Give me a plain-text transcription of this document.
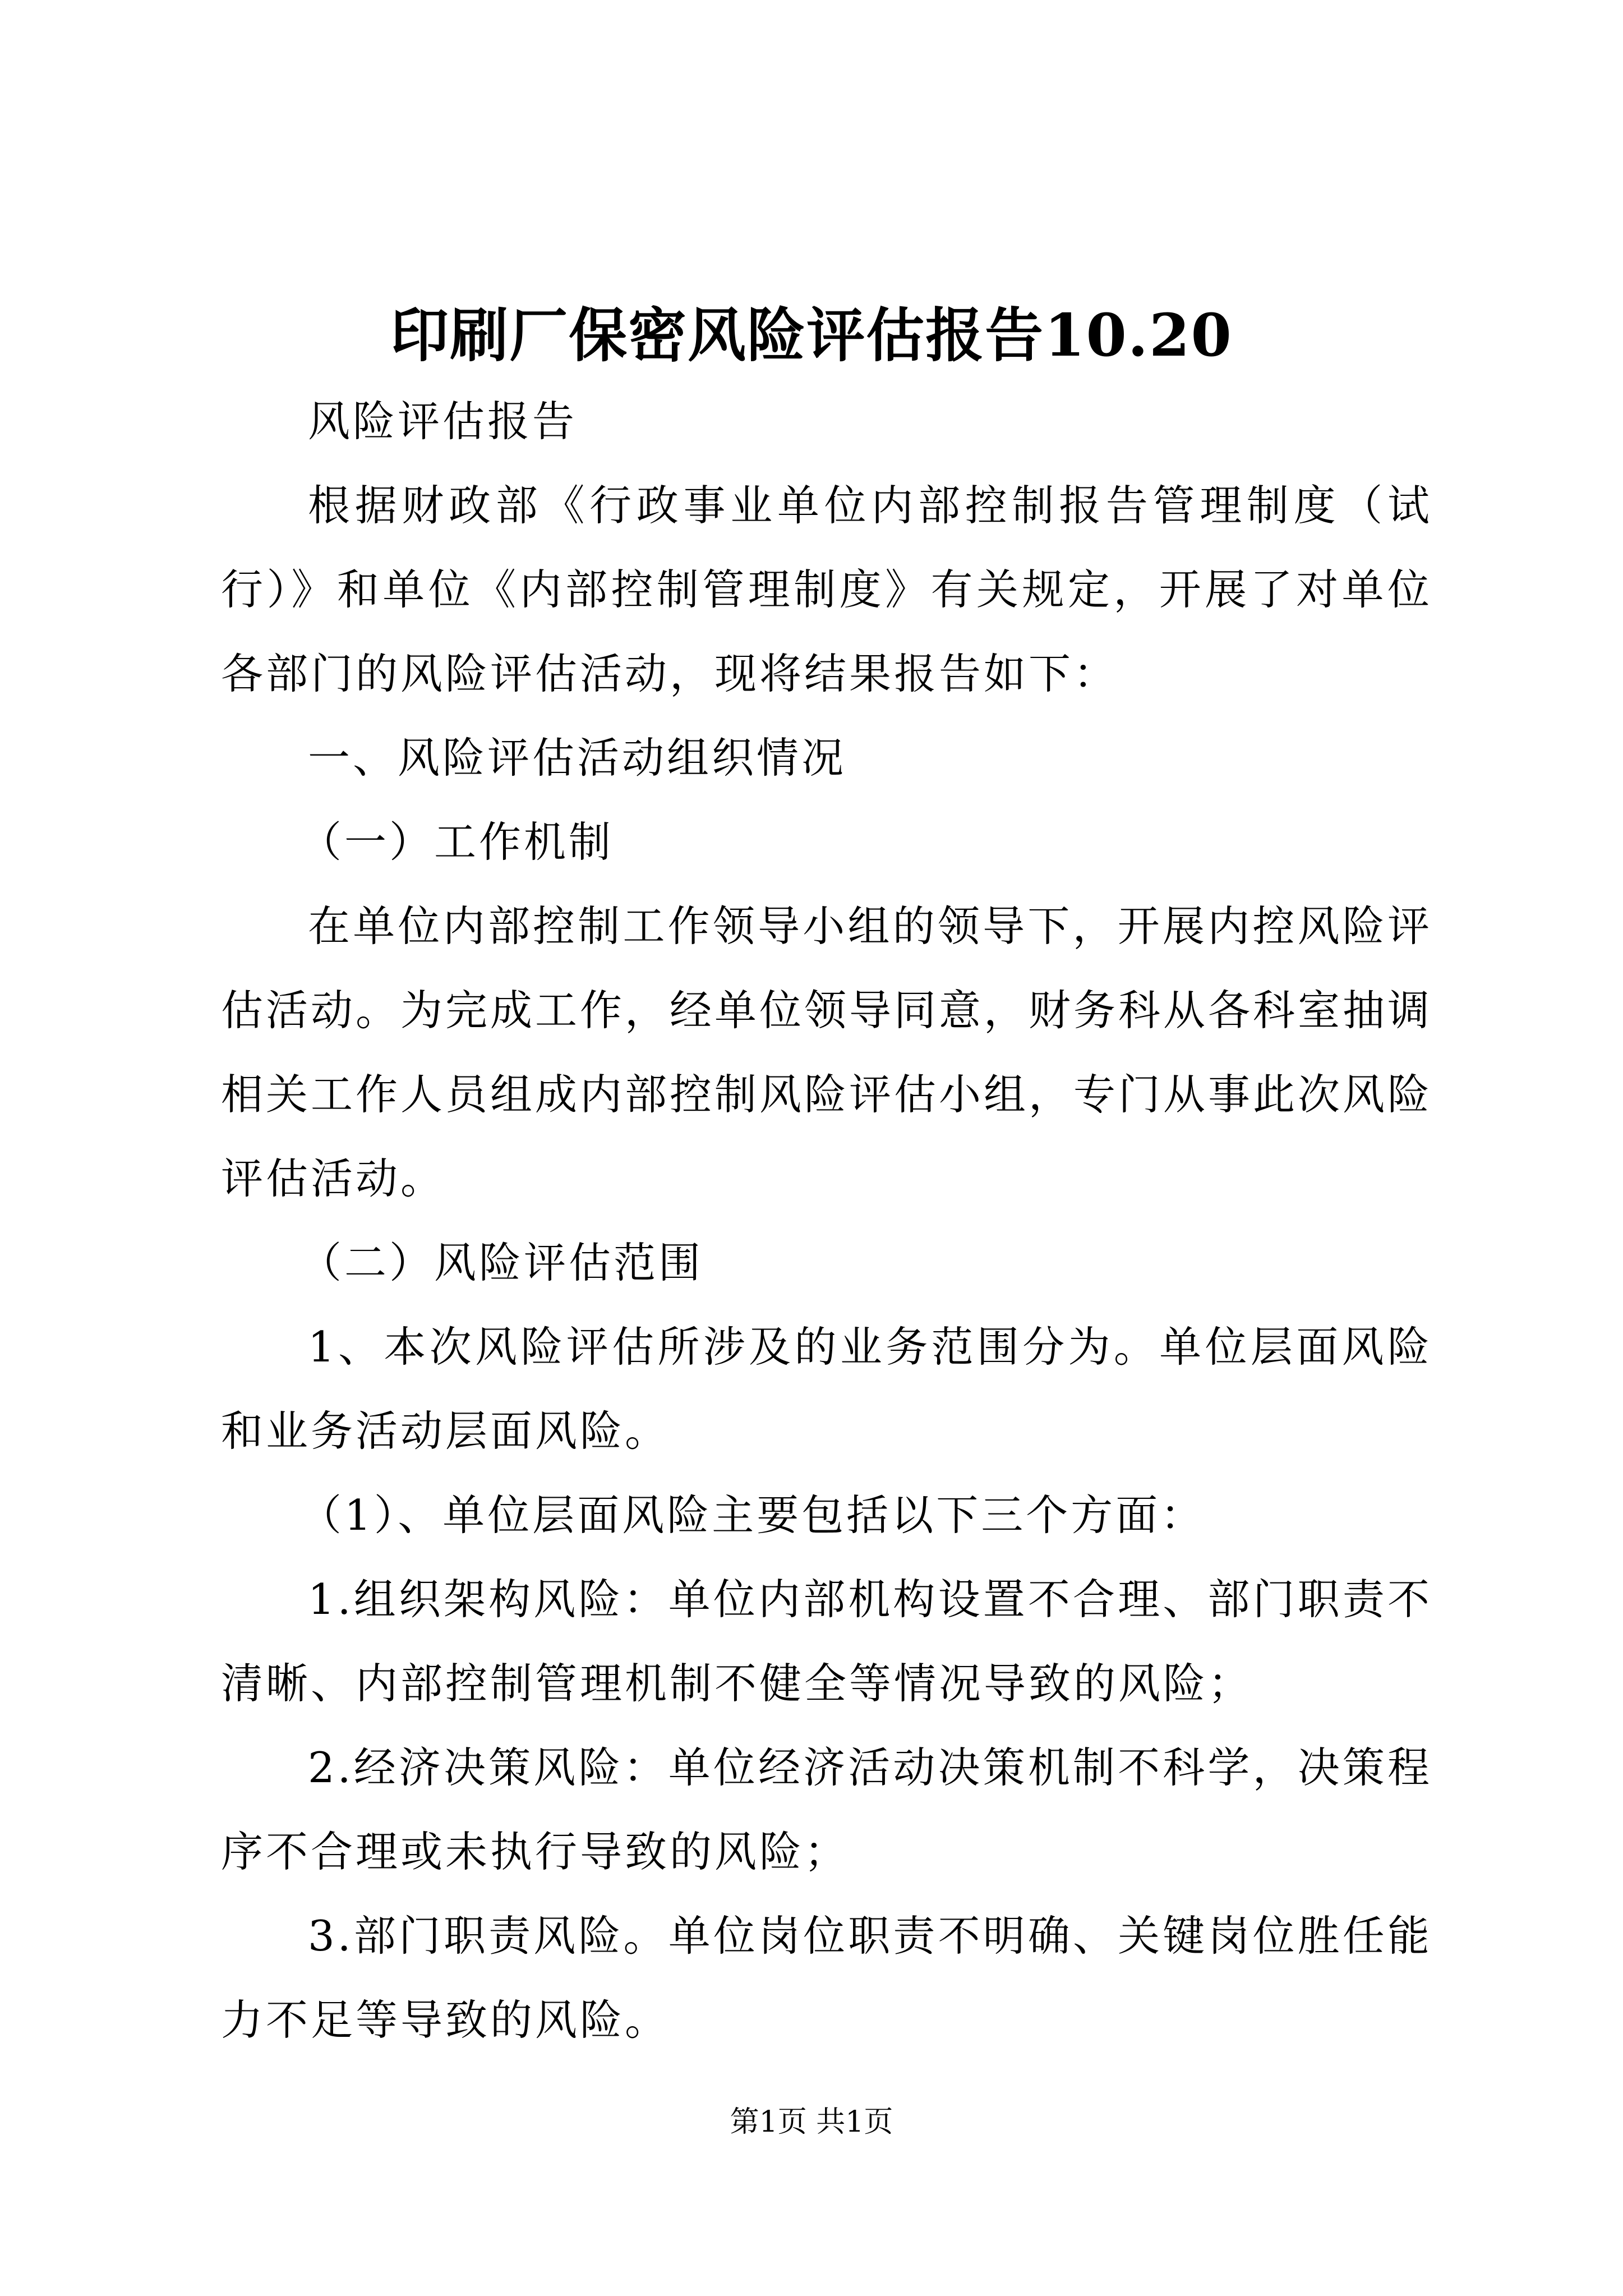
印刷厂保密风险评估报告10.20

风险评估报告

根据财政部《行政事业单位内部控制报告管理制度（试行）》和单位《内部控制管理制度》有关规定，开展了对单位各部门的风险评估活动，现将结果报告如下：

一、风险评估活动组织情况

（一）工作机制

在单位内部控制工作领导小组的领导下，开展内控风险评估活动。为完成工作，经单位领导同意，财务科从各科室抽调相关工作人员组成内部控制风险评估小组，专门从事此次风险评估活动。

（二）风险评估范围

1、本次风险评估所涉及的业务范围分为。单位层面风险和业务活动层面风险。

（1）、单位层面风险主要包括以下三个方面：

1.组织架构风险：单位内部机构设置不合理、部门职责不清晰、内部控制管理机制不健全等情况导致的风险；

2.经济决策风险：单位经济活动决策机制不科学，决策程序不合理或未执行导致的风险；

3.部门职责风险。单位岗位职责不明确、关键岗位胜任能力不足等导致的风险。

第1页 共1页
